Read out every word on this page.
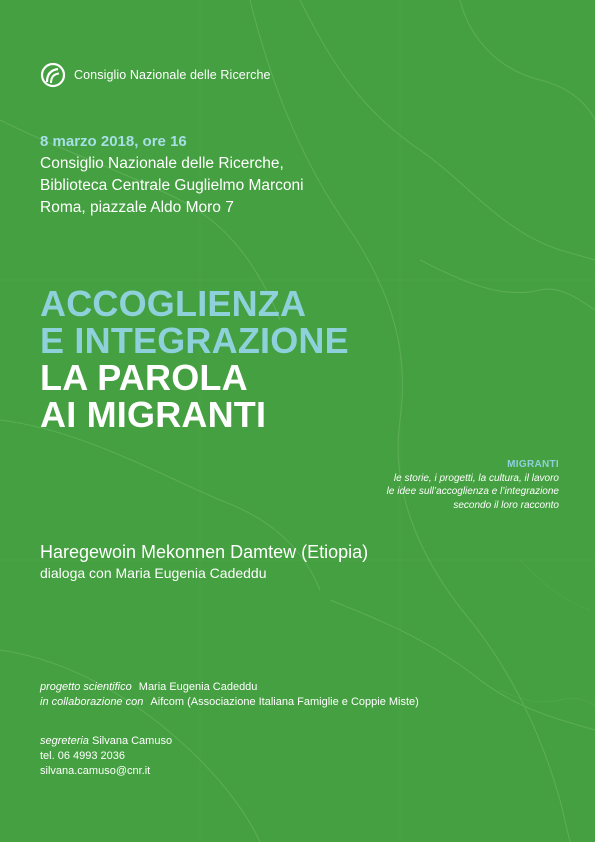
Consiglio Nazionale delle Ricerche
8 marzo 2018, ore 16
Consiglio Nazionale delle Ricerche,
Biblioteca Centrale Guglielmo Marconi
Roma, piazzale Aldo Moro 7
ACCOGLIENZA
E INTEGRAZIONE
LA PAROLA
AI MIGRANTI
MIGRANTI
le storie, i progetti, la cultura, il lavoro
le idee sull’accoglienza e l’integrazione
secondo il loro racconto
Haregewoin Mekonnen Damtew (Etiopia)
dialoga con Maria Eugenia Cadeddu
progetto scientifico Maria Eugenia Cadeddu
in collaborazione con Aifcom (Associazione Italiana Famiglie e Coppie Miste)
segreteria Silvana Camuso
tel. 06 4993 2036
silvana.camuso@cnr.it
